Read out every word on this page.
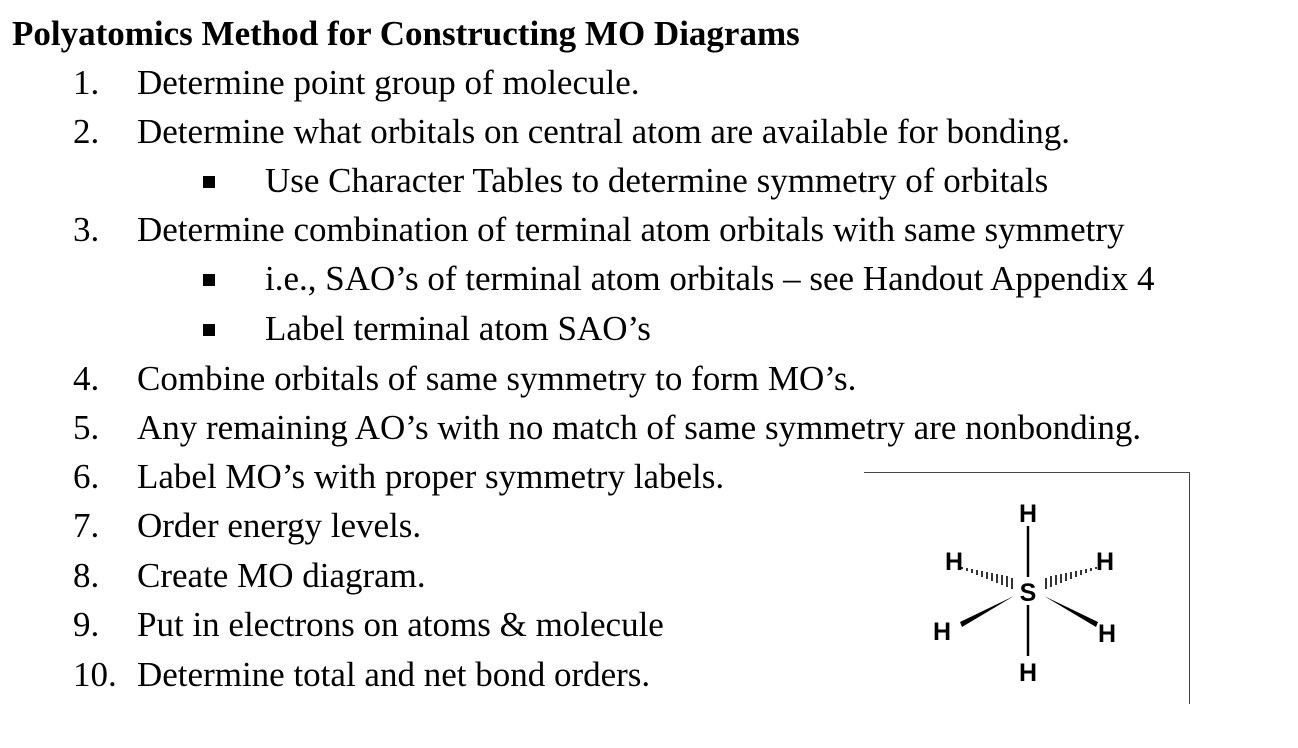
Polyatomics Method for Constructing MO Diagrams
1.	Determine point group of molecule.
2.	Determine what orbitals on central atom are available for bonding.
Use Character Tables to determine symmetry of orbitals
3.	Determine combination of terminal atom orbitals with same symmetry
i.e., SAO’s of terminal atom orbitals – see Handout Appendix 4
Label terminal atom SAO’s
4.	Combine orbitals of same symmetry to form MO’s.
5.	Any remaining AO’s with no match of same symmetry are nonbonding.
6.	Label MO’s with proper symmetry labels.
7.	Order energy levels.
8.	Create MO diagram.
9.	Put in electrons on atoms & molecule
10. Determine total and net bond orders.
H
H	H
S
H	H
H
